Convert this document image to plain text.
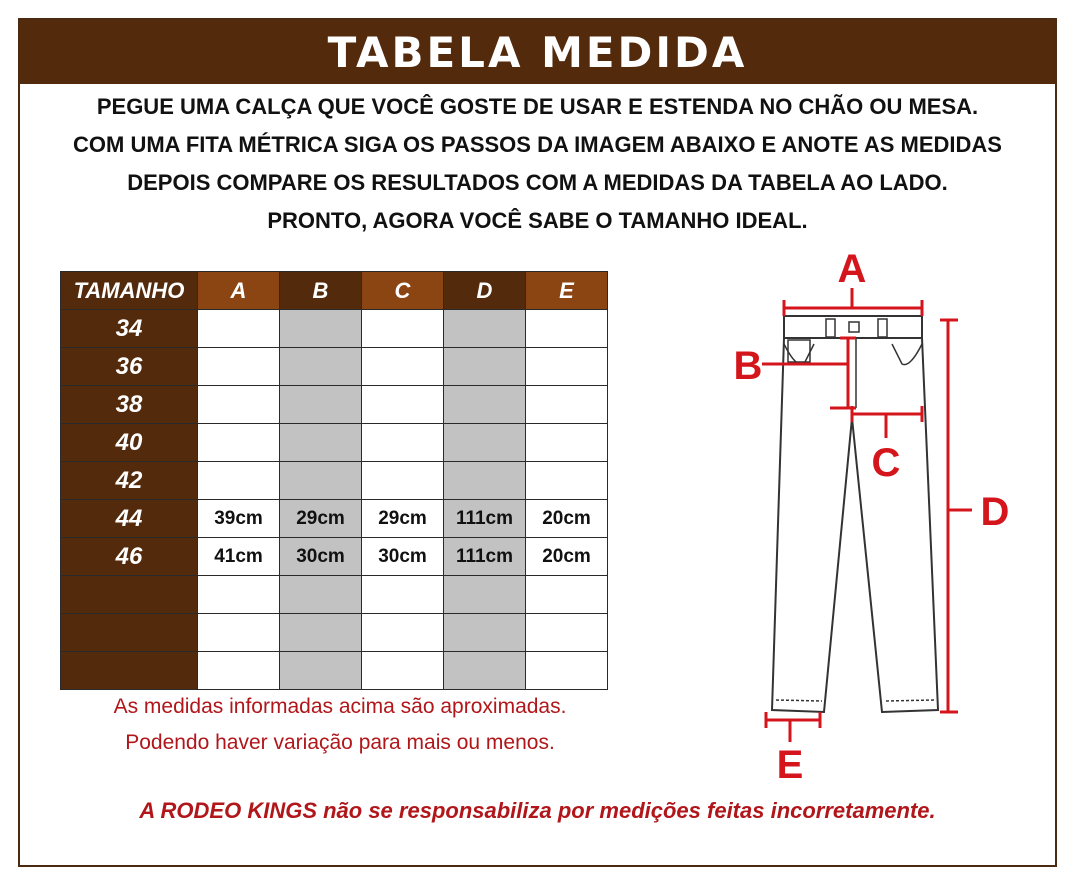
TABELA MEDIDA
PEGUE UMA CALÇA QUE VOCÊ GOSTE DE USAR E ESTENDA NO CHÃO OU MESA.
COM UMA FITA MÉTRICA SIGA OS PASSOS DA IMAGEM ABAIXO E ANOTE AS MEDIDAS
DEPOIS COMPARE OS RESULTADOS COM A MEDIDAS DA TABELA AO LADO.
PRONTO, AGORA VOCÊ SABE O TAMANHO IDEAL.
TAMANHO	A	B	C	D	E
34					
36					
38					
40					
42					
44	39cm	29cm	29cm	111cm	20cm
46	41cm	30cm	30cm	111cm	20cm

As medidas informadas acima são aproximadas.
Podendo haver variação para mais ou menos.
A RODEO KINGS não se responsabiliza por medições feitas incorretamente.
A
B
C
D
E
